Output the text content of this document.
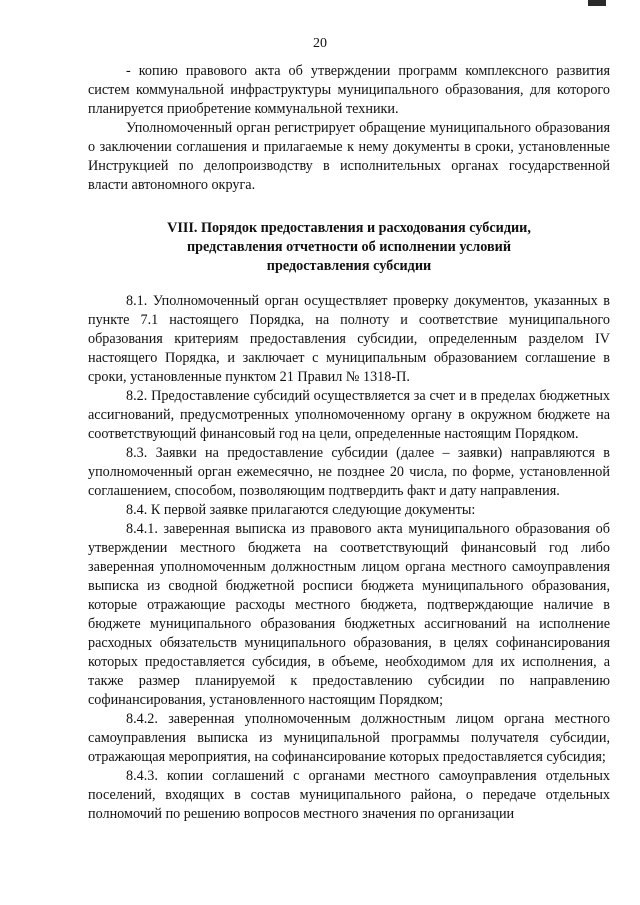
20

- копию правового акта об утверждении программ комплексного развития систем коммунальной инфраструктуры муниципального образования, для которого планируется приобретение коммунальной техники.

Уполномоченный орган регистрирует обращение муниципального образования о заключении соглашения и прилагаемые к нему документы в сроки, установленные Инструкцией по делопроизводству в исполнительных органах государственной власти автономного округа.

VIII. Порядок предоставления и расходования субсидии,
представления отчетности об исполнении условий
предоставления субсидии

8.1. Уполномоченный орган осуществляет проверку документов, указанных в пункте 7.1 настоящего Порядка, на полноту и соответствие муниципального образования критериям предоставления субсидии, определенным разделом IV настоящего Порядка, и заключает с муниципальным образованием соглашение в сроки, установленные пунктом 21 Правил № 1318-П.

8.2. Предоставление субсидий осуществляется за счет и в пределах бюджетных ассигнований, предусмотренных уполномоченному органу в окружном бюджете на соответствующий финансовый год на цели, определенные настоящим Порядком.

8.3. Заявки на предоставление субсидии (далее – заявки) направляются в уполномоченный орган ежемесячно, не позднее 20 числа, по форме, установленной соглашением, способом, позволяющим подтвердить факт и дату направления.

8.4. К первой заявке прилагаются следующие документы:

8.4.1. заверенная выписка из правового акта муниципального образования об утверждении местного бюджета на соответствующий финансовый год либо заверенная уполномоченным должностным лицом органа местного самоуправления выписка из сводной бюджетной росписи бюджета муниципального образования, которые отражающие расходы местного бюджета, подтверждающие наличие в бюджете муниципального образования бюджетных ассигнований на исполнение расходных обязательств муниципального образования, в целях софинансирования которых предоставляется субсидия, в объеме, необходимом для их исполнения, а также размер планируемой к предоставлению субсидии по направлению софинансирования, установленного настоящим Порядком;

8.4.2. заверенная уполномоченным должностным лицом органа местного самоуправления выписка из муниципальной программы получателя субсидии, отражающая мероприятия, на софинансирование которых предоставляется субсидия;

8.4.3. копии соглашений с органами местного самоуправления отдельных поселений, входящих в состав муниципального района, о передаче отдельных полномочий по решению вопросов местного значения по организации
